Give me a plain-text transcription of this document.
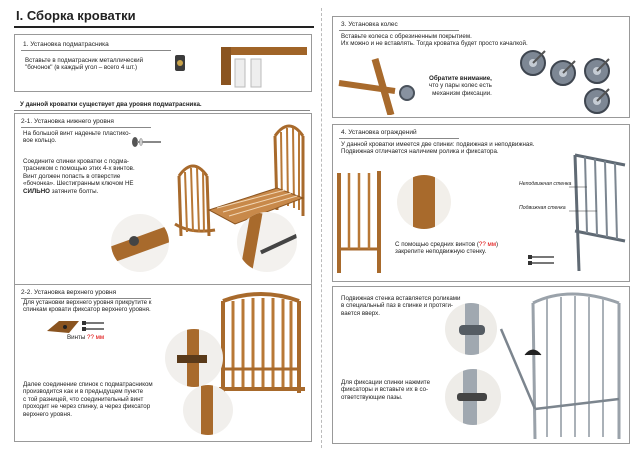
I. Сборка кроватки
1. Установка подматрасника
Вставьте в подматрасник металлический
"бочонок" (в каждый угол – всего 4 шт.)
У данной кроватки существует два уровня подматрасника.
2-1. Установка нижнего уровня
На большой винт наденьте пластико-
вое кольцо.
Соедините спинки кроватки с подма-
трасником с помощью этих 4-х винтов.
Винт должен попасть в отверстие
«бочонка». Шестигранным ключом НЕ
СИЛЬНО затяните болты.
2-2. Установка верхнего уровня
Для установки верхнего уровня прикрутите к
спинкам кровати фиксатор верхнего уровня.
Винты ?? мм
Далее соединение спинок с подматрасником
производится как и в предыдущем пункте
с той разницей, что соединительный винт
проходит не через спинку, а через фиксатор
верхнего уровня.
3. Установка колес
Вставьте колеса с обрезиненным покрытием.
Их можно и не вставлять. Тогда кроватка будет просто качалкой.
Обратите внимание,
что у пары колес есть
механизм фиксации.
4. Установка ограждений
У данной кроватки имеется две спинки: подвижная и неподвижная.
Подвижная отличается наличием ролика и фиксатора.
Неподвижная стенка
Подвижная стенка
С помощью средних винтов (?? мм)
закрепите неподвижную стенку.
Подвижная стенка вставляется роликами
в специальный паз в спинке и протяги-
вается вверх.
Для фиксации спинки нажмите
фиксаторы и вставьте их в со-
ответствующие пазы.
